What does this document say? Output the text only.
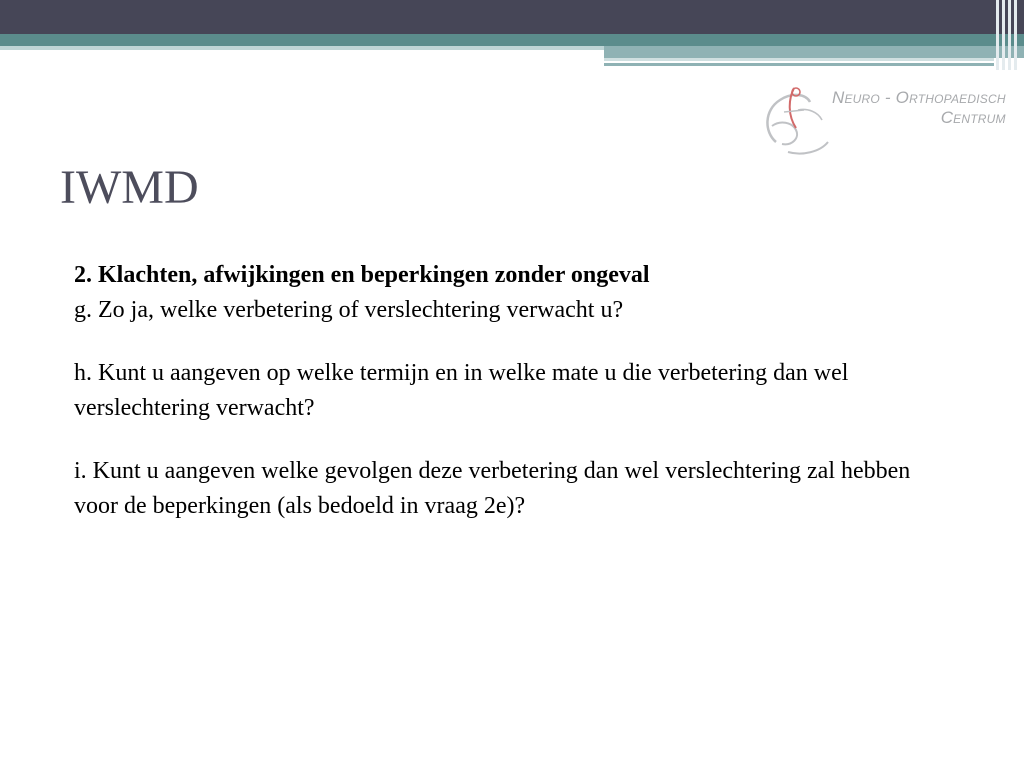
Neuro - Orthopaedisch
Centrum
IWMD

2. Klachten, afwijkingen en beperkingen zonder ongeval

g. Zo ja, welke verbetering of verslechtering verwacht u?

h. Kunt u aangeven op welke termijn en in welke mate u die verbetering dan wel verslechtering verwacht?

i. Kunt u aangeven welke gevolgen deze verbetering dan wel verslechtering zal hebben voor de beperkingen (als bedoeld in vraag 2e)?
